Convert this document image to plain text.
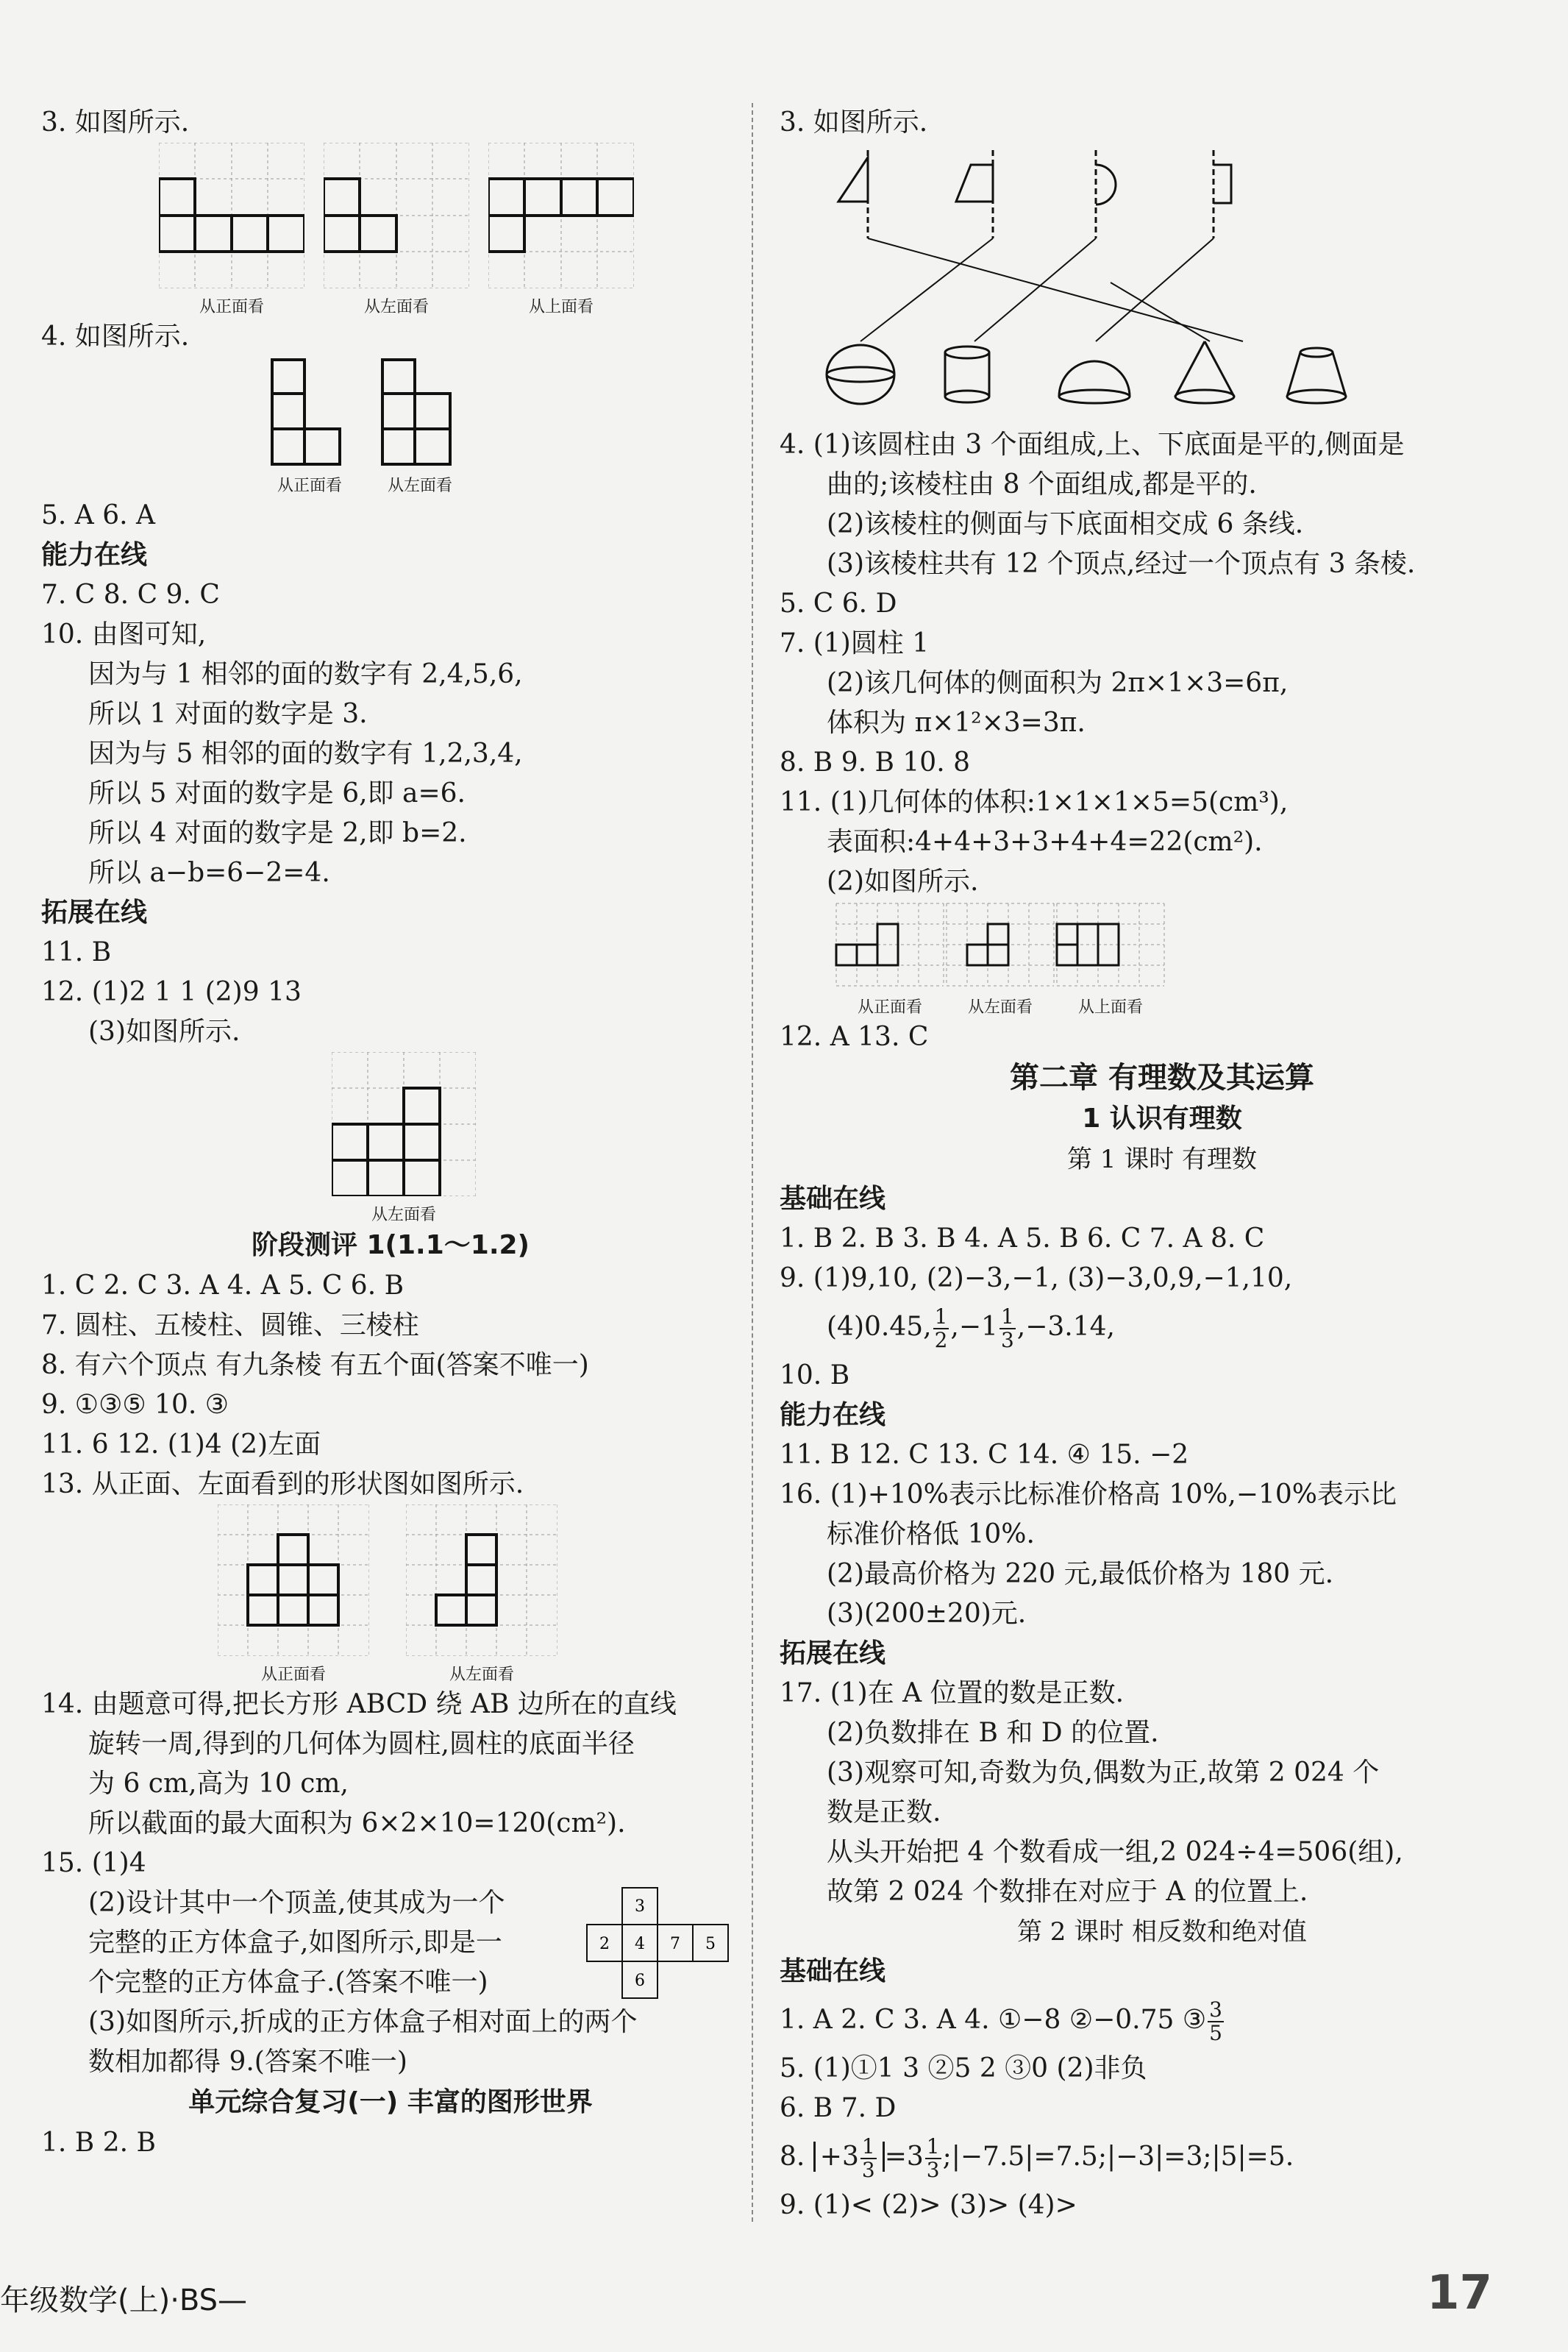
3. 如图所示.
从正面看	从左面看	从上面看
4. 如图所示.
从正面看	从左面看
5. A 6. A
能力在线
7. C 8. C 9. C
10. 由图可知,
因为与 1 相邻的面的数字有 2,4,5,6,
所以 1 对面的数字是 3.
因为与 5 相邻的面的数字有 1,2,3,4,
所以 5 对面的数字是 6,即 a=6.
所以 4 对面的数字是 2,即 b=2.
所以 a−b=6−2=4.
拓展在线
11. B
12. (1)2 1 1 (2)9 13
(3)如图所示.
从左面看
阶段测评 1(1.1～1.2)
1. C 2. C 3. A 4. A 5. C 6. B
7. 圆柱、五棱柱、圆锥、三棱柱
8. 有六个顶点 有九条棱 有五个面(答案不唯一)
9. ①③⑤ 10. ③
11. 6 12. (1)4 (2)左面
13. 从正面、左面看到的形状图如图所示.
从正面看	从左面看
14. 由题意可得,把长方形 ABCD 绕 AB 边所在的直线
旋转一周,得到的几何体为圆柱,圆柱的底面半径
为 6 cm,高为 10 cm,
所以截面的最大面积为 6×2×10=120(cm²).
15. (1)4
(2)设计其中一个顶盖,使其成为一个
完整的正方体盒子,如图所示,即是一
个完整的正方体盒子.(答案不唯一)
(3)如图所示,折成的正方体盒子相对面上的两个
数相加都得 9.(答案不唯一)
3
2 4 7 5
6
单元综合复习(一) 丰富的图形世界
1. B 2. B
3. 如图所示.
4. (1)该圆柱由 3 个面组成,上、下底面是平的,侧面是
曲的;该棱柱由 8 个面组成,都是平的.
(2)该棱柱的侧面与下底面相交成 6 条线.
(3)该棱柱共有 12 个顶点,经过一个顶点有 3 条棱.
5. C 6. D
7. (1)圆柱 1
(2)该几何体的侧面积为 2π×1×3=6π,
体积为 π×1²×3=3π.
8. B 9. B 10. 8
11. (1)几何体的体积:1×1×1×5=5(cm³),
表面积:4+4+3+3+4+4=22(cm²).
(2)如图所示.
从正面看	从左面看	从上面看
12. A 13. C
第二章 有理数及其运算
1 认识有理数
第 1 课时 有理数
基础在线
1. B 2. B 3. B 4. A 5. B 6. C 7. A 8. C
9. (1)9,10, (2)−3,−1, (3)−3,0,9,−1,10,
(4)0.45, $\frac{1}{2} ,-1 \frac{1}{3} ,-3.14$,
10. B
能力在线
11. B 12. C 13. C 14. ④ 15. −2
16. (1)+10%表示比标准价格高 10%,−10%表示比
标准价格低 10%.
(2)最高价格为 220 元,最低价格为 180 元.
(3)(200±20)元.
拓展在线
17. (1)在 A 位置的数是正数.
(2)负数排在 B 和 D 的位置.
(3)观察可知,奇数为负,偶数为正,故第 2 024 个
数是正数.
从头开始把 4 个数看成一组,2 024÷4=506(组),
故第 2 024 个数排在对应于 A 的位置上.
第 2 课时 相反数和绝对值
基础在线
1. A 2. C 3. A 4. ①−8 ②−0.75 ③ $\frac{3}{5}$
5. (1)①1 3 ②5 2 ③0 (2)非负
6. B 7. D
8. $+3 \frac{1}{3} =3 \frac{1}{3}$ ;|−7.5|=7.5;|−3|=3;|5|=5.
9. (1)< (2)> (3)> (4)>
年级数学(上)·BS—	17
